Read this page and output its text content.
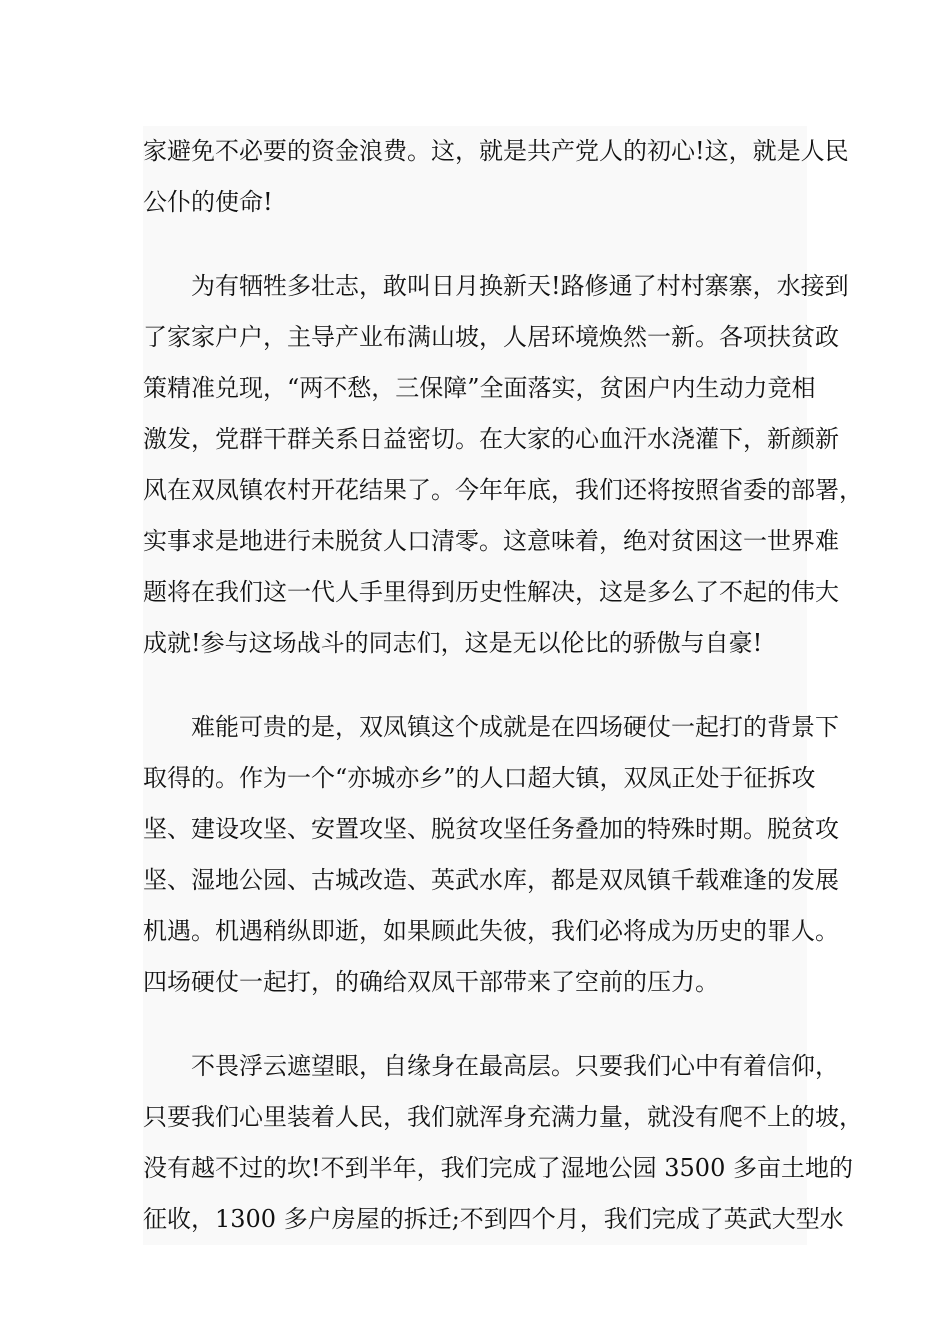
家避免不必要的资金浪费。这，就是共产党人的初心!这，就是人民
公仆的使命!
　　为有牺牲多壮志，敢叫日月换新天!路修通了村村寨寨，水接到
了家家户户，主导产业布满山坡，人居环境焕然一新。各项扶贫政
策精准兑现，“两不愁，三保障”全面落实，贫困户内生动力竞相
激发，党群干群关系日益密切。在大家的心血汗水浇灌下，新颜新
风在双凤镇农村开花结果了。今年年底，我们还将按照省委的部署，
实事求是地进行未脱贫人口清零。这意味着，绝对贫困这一世界难
题将在我们这一代人手里得到历史性解决，这是多么了不起的伟大
成就!参与这场战斗的同志们，这是无以伦比的骄傲与自豪!
　　难能可贵的是，双凤镇这个成就是在四场硬仗一起打的背景下
取得的。作为一个“亦城亦乡”的人口超大镇，双凤正处于征拆攻
坚、建设攻坚、安置攻坚、脱贫攻坚任务叠加的特殊时期。脱贫攻
坚、湿地公园、古城改造、英武水库，都是双凤镇千载难逢的发展
机遇。机遇稍纵即逝，如果顾此失彼，我们必将成为历史的罪人。
四场硬仗一起打，的确给双凤干部带来了空前的压力。
　　不畏浮云遮望眼，自缘身在最高层。只要我们心中有着信仰，
只要我们心里装着人民，我们就浑身充满力量，就没有爬不上的坡，
没有越不过的坎!不到半年，我们完成了湿地公园 3500 多亩土地的
征收，1300 多户房屋的拆迁;不到四个月，我们完成了英武大型水
